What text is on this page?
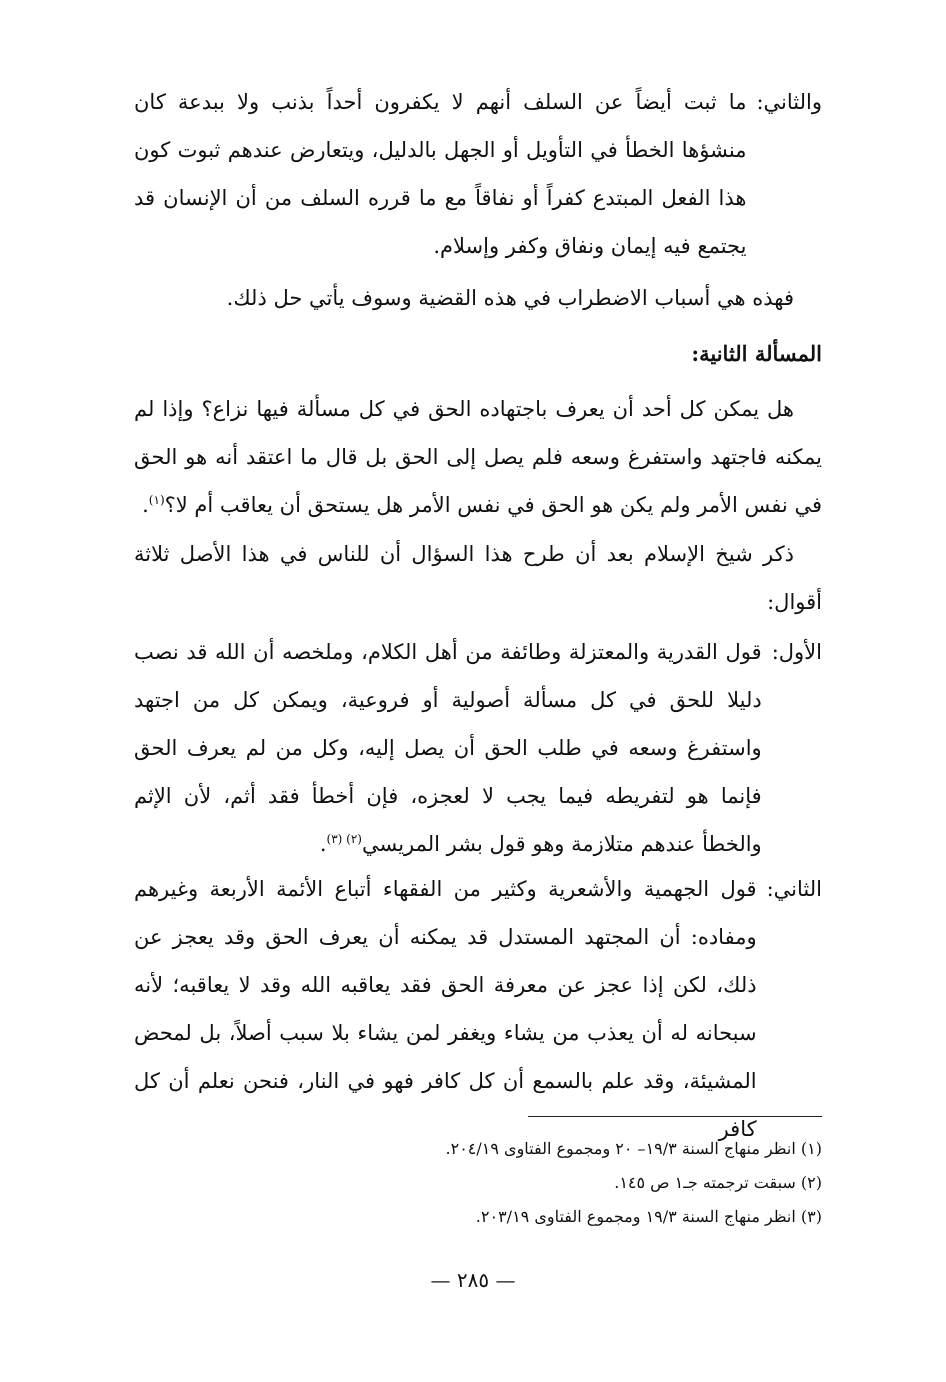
والثاني:
ما ثبت أيضاً عن السلف أنهم لا يكفرون أحداً بذنب ولا ببدعة كان منشؤها الخطأ في التأويل أو الجهل بالدليل، ويتعارض عندهم ثبوت كون هذا الفعل المبتدع كفراً أو نفاقاً مع ما قرره السلف من أن الإنسان قد يجتمع فيه إيمان ونفاق وكفر وإسلام.

فهذه هي أسباب الاضطراب في هذه القضية وسوف يأتي حل ذلك.

المسألة الثانية:

هل يمكن كل أحد أن يعرف باجتهاده الحق في كل مسألة فيها نزاع؟ وإذا لم يمكنه فاجتهد واستفرغ وسعه فلم يصل إلى الحق بل قال ما اعتقد أنه هو الحق في نفس الأمر ولم يكن هو الحق في نفس الأمر هل يستحق أن يعاقب أم لا؟$^{(١)}$.

ذكر شيخ الإسلام بعد أن طرح هذا السؤال أن للناس في هذا الأصل ثلاثة أقوال:

الأول:
قول القدرية والمعتزلة وطائفة من أهل الكلام، وملخصه أن الله قد نصب دليلا للحق في كل مسألة أصولية أو فروعية، ويمكن كل من اجتهد واستفرغ وسعه في طلب الحق أن يصل إليه، وكل من لم يعرف الحق فإنما هو لتفريطه فيما يجب لا لعجزه، فإن أخطأ فقد أثم، لأن الإثم والخطأ عندهم متلازمة وهو قول بشر المريسي$^{(٢) (٣)}$.
الثاني:
قول الجهمية والأشعرية وكثير من الفقهاء أتباع الأئمة الأربعة وغيرهم ومفاده: أن المجتهد المستدل قد يمكنه أن يعرف الحق وقد يعجز عن ذلك، لكن إذا عجز عن معرفة الحق فقد يعاقبه الله وقد لا يعاقبه؛ لأنه سبحانه له أن يعذب من يشاء ويغفر لمن يشاء بلا سبب أصلاً، بل لمحض المشيئة، وقد علم بالسمع أن كل كافر فهو في النار، فنحن نعلم أن كل كافر

(١) انظر منهاج السنة ١٩/٣– ٢٠ ومجموع الفتاوى ٢٠٤/١٩.

(٢) سبقت ترجمته جـ١ ص ١٤٥.

(٣) انظر منهاج السنة ١٩/٣ ومجموع الفتاوى ٢٠٣/١٩.

— ٢٨٥ —
